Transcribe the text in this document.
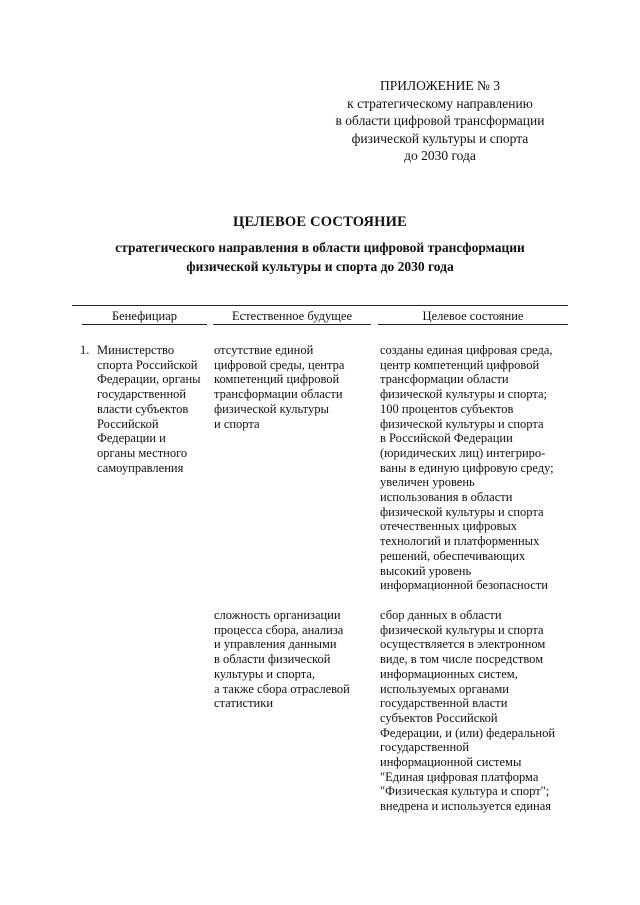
ПРИЛОЖЕНИЕ № 3
к стратегическому направлению
в области цифровой трансформации
физической культуры и спорта
до 2030 года
ЦЕЛЕВОЕ СОСТОЯНИЕ
стратегического направления в области цифровой трансформации
физической культуры и спорта до 2030 года
Бенефициар	Естественное будущее	Целевое состояние
1. Министерство
спорта Российской
Федерации, органы
государственной
власти субъектов
Российской
Федерации и
органы местного
самоуправления
отсутствие единой
цифровой среды, центра
компетенций цифровой
трансформации области
физической культуры
и спорта
созданы единая цифровая среда,
центр компетенций цифровой
трансформации области
физической культуры и спорта;
100 процентов субъектов
физической культуры и спорта
в Российской Федерации
(юридических лиц) интегриро-
ваны в единую цифровую среду;
увеличен уровень
использования в области
физической культуры и спорта
отечественных цифровых
технологий и платформенных
решений, обеспечивающих
высокий уровень
информационной безопасности
сложность организации
процесса сбора, анализа
и управления данными
в области физической
культуры и спорта,
а также сбора отраслевой
статистики
сбор данных в области
физической культуры и спорта
осуществляется в электронном
виде, в том числе посредством
информационных систем,
используемых органами
государственной власти
субъектов Российской
Федерации, и (или) федеральной
государственной
информационной системы
"Единая цифровая платформа
"Физическая культура и спорт";
внедрена и используется единая
